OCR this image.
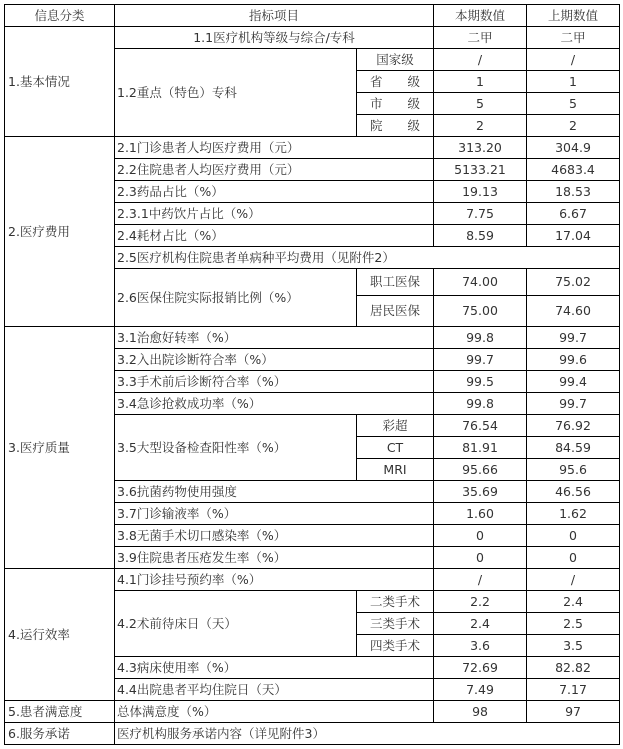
信息分类	指标项目		本期数值	上期数值
1.基本情况	1.1医疗机构等级与综合/专科		二甲	二甲
	1.2重点（特色）专科	国家级	/	/
		省　　级	1	1
		市　　级	5	5
		院　　级	2	2
2.医疗费用	2.1门诊患者人均医疗费用（元）		313.20	304.9
	2.2住院患者人均医疗费用（元）		5133.21	4683.4
	2.3药品占比（%）		19.13	18.53
	2.3.1中药饮片占比（%）		7.75	6.67
	2.4耗材占比（%）		8.59	17.04
	2.5医疗机构住院患者单病种平均费用（见附件2）			
	2.6医保住院实际报销比例（%）	职工医保	74.00	75.02

		居民医保	75.00	74.60
3.医疗质量	3.1治愈好转率（%）		99.8	99.7
	3.2入出院诊断符合率（%）		99.7	99.6
	3.3手术前后诊断符合率（%）		99.5	99.4
	3.4急诊抢救成功率（%）		99.8	99.7
	3.5大型设备检查阳性率（%）	彩超	76.54	76.92
		CT	81.91	84.59
		MRI	95.66	95.6
	3.6抗菌药物使用强度		35.69	46.56
	3.7门诊输液率（%）		1.60	1.62
	3.8无菌手术切口感染率（%）		0	0
	3.9住院患者压疮发生率（%）		0	0
4.运行效率	4.1门诊挂号预约率（%）		/	/
	4.2术前待床日（天）	二类手术	2.2	2.4
		三类手术	2.4	2.5
		四类手术	3.6	3.5
	4.3病床使用率（%）		72.69	82.82
	4.4出院患者平均住院日（天）		7.49	7.17
5.患者满意度	总体满意度（%）		98	97
6.服务承诺	医疗机构服务承诺内容（详见附件3）			
